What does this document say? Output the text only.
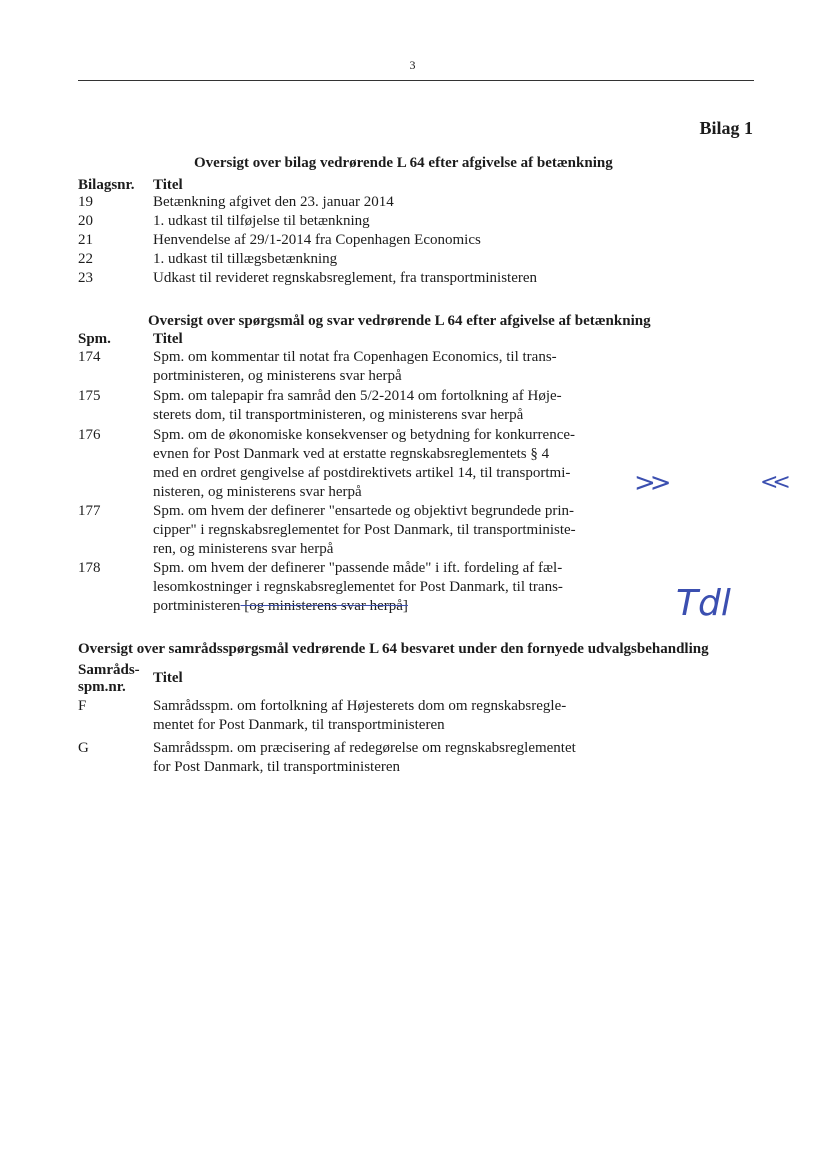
3
Bilag 1
Oversigt over bilag vedrørende L 64 efter afgivelse af betænkning
Bilagsnr. Titel
19	Betænkning afgivet den 23. januar 2014
20	1. udkast til tilføjelse til betænkning
21	Henvendelse af 29/1-2014 fra Copenhagen Economics
22	1. udkast til tillægsbetænkning
23	Udkast til revideret regnskabsreglement, fra transportministeren
Oversigt over spørgsmål og svar vedrørende L 64 efter afgivelse af betænkning
Spm.	Titel
174	Spm. om kommentar til notat fra Copenhagen Economics, til trans-
portministeren, og ministerens svar herpå
175	Spm. om talepapir fra samråd den 5/2-2014 om fortolkning af Høje-
sterets dom, til transportministeren, og ministerens svar herpå
176	Spm. om de økonomiske konsekvenser og betydning for konkurrence-
evnen for Post Danmark ved at erstatte regnskabsreglementets § 4
med en ordret gengivelse af postdirektivets artikel 14, til transportmi-
nisteren, og ministerens svar herpå
177	Spm. om hvem der definerer "ensartede og objektivt begrundede prin-
cipper" i regnskabsreglementet for Post Danmark, til transportministe-
ren, og ministerens svar herpå
178	Spm. om hvem der definerer "passende måde" i ift. fordeling af fæl-
lesomkostninger i regnskabsreglementet for Post Danmark, til trans-
portministeren [og ministerens svar herpå]
Oversigt over samrådsspørgsmål vedrørende L 64 besvaret under den fornyede udvalgsbehandling
Samråds-
spm.nr.
Titel
F	Samrådsspm. om fortolkning af Højesterets dom om regnskabsregle-
mentet for Post Danmark, til transportministeren
G	Samrådsspm. om præcisering af redegørelse om regnskabsreglementet
for Post Danmark, til transportministeren
>>	<<
Tdl
